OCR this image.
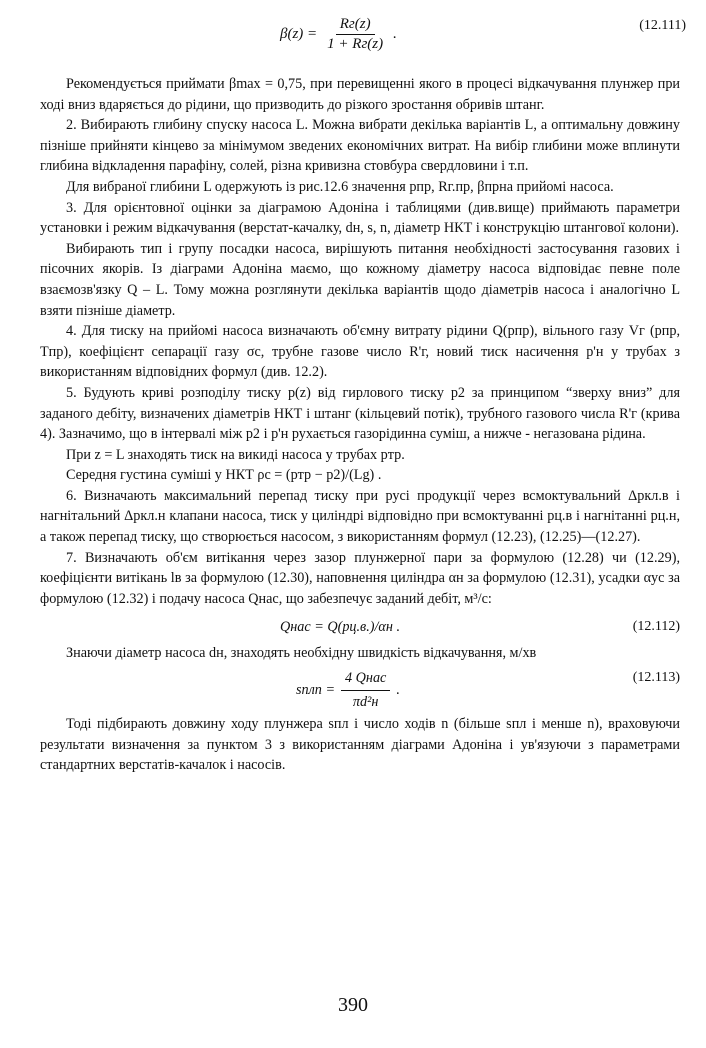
$\beta(z) = \frac{Rг(z)}{1 + Rг(z)}$ .
(12.111)

Рекомендується приймати βmax = 0,75, при перевищенні якого в процесі відкачування плунжер при ході вниз вдаряється до рідини, що призводить до різкого зростання обривів штанг.

2. Вибирають глибину спуску насоса L. Можна вибрати декілька варіантів L, а оптимальну довжину пізніше прийняти кінцево за мінімумом зведених економічних витрат. На вибір глибини може вплинути глибина відкладення парафіну, солей, різна кривизна стовбура свердловини і т.п.

Для вибраної глибини L одержують із рис.12.6 значення pпр, Rг.пр, βпрна прийомі насоса.

3. Для орієнтовної оцінки за діаграмою Адоніна і таблицями (див.вище) приймають параметри установки і режим відкачування (верстат-качалку, dн, s, n, діаметр НКТ і конструкцію штангової колони).

Вибирають тип і групу посадки насоса, вирішують питання необхідності застосування газових і пісочних якорів. Із діаграми Адоніна маємо, що кожному діаметру насоса відповідає певне поле взаємозв'язку Q – L. Тому можна розглянути декілька варіантів щодо діаметрів насоса і аналогічно L взяти пізніше діаметр.

4. Для тиску на прийомі насоса визначають об'ємну витрату рідини Q(pпр), вільного газу Vг (pпр, Tпр), коефіцієнт сепарації газу σс, трубне газове число R'г, новий тиск насичення p'н у трубах з використанням відповідних формул (див. 12.2).

5. Будують криві розподілу тиску p(z) від гирлового тиску p2 за принципом “зверху вниз” для заданого дебіту, визначених діаметрів НКТ і штанг (кільцевий потік), трубного газового числа R'г (крива 4). Зазначимо, що в інтервалі між p2 і p'н рухається газорідинна суміш, а нижче - негазована рідина.

При z = L знаходять тиск на викиді насоса у трубах pтр.

Середня густина суміші у НКТ ρс = (pтр − p2)/(Lg) .

6. Визначають максимальний перепад тиску при русі продукції через всмоктувальний Δpкл.в і нагнітальний Δpкл.н клапани насоса, тиск у циліндрі відповідно при всмоктуванні pц.в і нагнітанні pц.н, а також перепад тиску, що створюється насосом, з використанням формул (12.23), (12.25)—(12.27).

7. Визначають об'єм витікання через зазор плунжерної пари за формулою (12.28) чи (12.29), коефіцієнти витікань lв за формулою (12.30), наповнення циліндра αн за формулою (12.31), усадки αус за формулою (12.32) і подачу насоса Qнас, що забезпечує заданий дебіт, м³/с:

Qнас = Q(pц.в.)/αн .	(12.112)

Знаючи діаметр насоса dн, знаходять необхідну швидкість відкачування, м/хв

sплn = $\frac{\text{4 Qнас}}{\text{πd²н}}$ .
(12.113)

Тоді підбирають довжину ходу плунжера sпл і число ходів n (більше sпл і менше n), враховуючи результати визначення за пунктом 3 з використанням діаграми Адоніна і ув'язуючи з параметрами стандартних верстатів-качалок і насосів.

390
